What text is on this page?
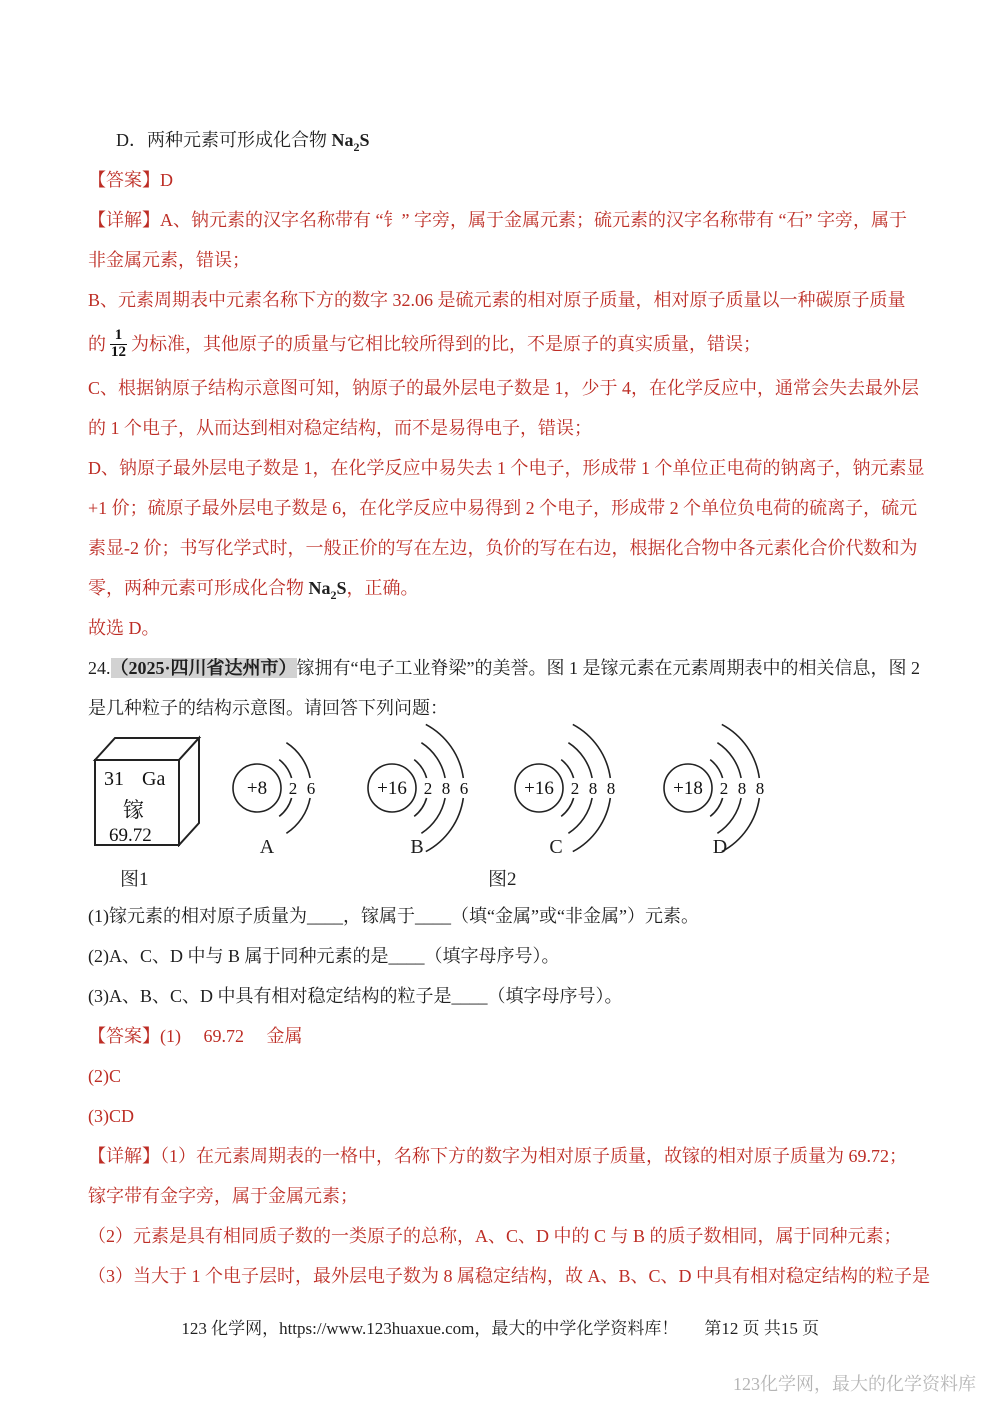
D．两种元素可形成化合物 $Na_2S$
【答案】D
【详解】A、钠元素的汉字名称带有 “钅” 字旁，属于金属元素；硫元素的汉字名称带有 “石” 字旁，属于
非金属元素，错误；
B、元素周期表中元素名称下方的数字 32.06 是硫元素的相对原子质量，相对原子质量以一种碳原子质量
的 $\frac{1}{12}$ 为标准，其他原子的质量与它相比较所得到的比，不是原子的真实质量，错误；
C、根据钠原子结构示意图可知，钠原子的最外层电子数是 1，少于 4，在化学反应中，通常会失去最外层
的 1 个电子，从而达到相对稳定结构，而不是易得电子，错误；
D、钠原子最外层电子数是 1，在化学反应中易失去 1 个电子，形成带 1 个单位正电荷的钠离子，钠元素显
+1 价；硫原子最外层电子数是 6，在化学反应中易得到 2 个电子，形成带 2 个单位负电荷的硫离子，硫元
素显-2 价；书写化学式时，一般正价的写在左边，负价的写在右边，根据化合物中各元素化合价代数和为
零，两种元素可形成化合物 $Na_2S$，正确。
故选 D。
24.（2025·四川省达州市）镓拥有“电子工业脊梁”的美誉。图 1 是镓元素在元素周期表中的相关信息，图 2
是几种粒子的结构示意图。请回答下列问题：
31 Ga
镓
69.72
图1
+8 2 6	+16 2 8 6	+16 2 8 8	+18 2 8 8
A	B	C	D
图2
(1)镓元素的相对原子质量为____，镓属于____（填“金属”或“非金属”）元素。
(2)A、C、D 中与 B 属于同种元素的是____（填字母序号）。
(3)A、B、C、D 中具有相对稳定结构的粒子是____（填字母序号）。
【答案】(1)　 69.72　 金属
(2)C
(3)CD
【详解】（1）在元素周期表的一格中，名称下方的数字为相对原子质量，故镓的相对原子质量为 69.72；
镓字带有金字旁，属于金属元素；
（2）元素是具有相同质子数的一类原子的总称，A、C、D 中的 C 与 B 的质子数相同，属于同种元素；
（3）当大于 1 个电子层时，最外层电子数为 8 属稳定结构，故 A、B、C、D 中具有相对稳定结构的粒子是

123 化学网，https://www.123huaxue.com，最大的中学化学资料库！ 第12 页 共15 页

123化学网，最大的化学资料库
